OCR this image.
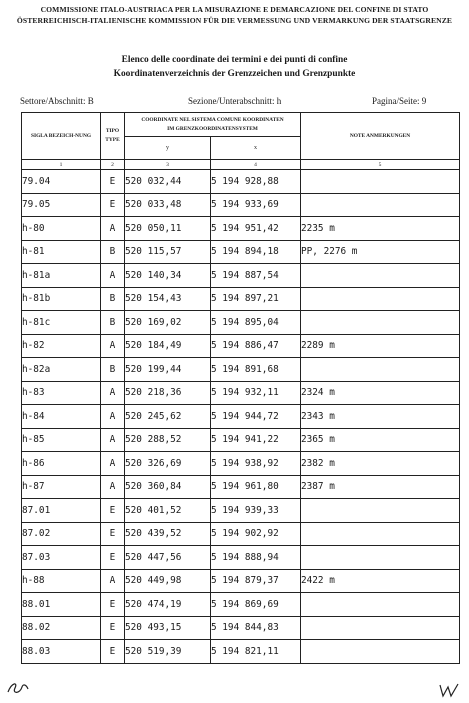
COMMISSIONE ITALO-AUSTRIACA PER LA MISURAZIONE E DEMARCAZIONE DEL CONFINE DI STATO
ÖSTERREICHISCH-ITALIENISCHE KOMMISSION FÜR DIE VERMESSUNG UND VERMARKUNG DER STAATSGRENZE
Elenco delle coordinate dei termini e dei punti di confine
Koordinatenverzeichnis der Grenzzeichen und Grenzpunkte
Settore/Abschnitt: B	Sezione/Unterabschnitt: h	Pagina/Seite: 9
SIGLA BEZEICH-NUNG	TIPO TYPE	COORDINATE NEL SISTEMA COMUNE KOORDINATEN IM GRENZKOORDINATENSYSTEM		NOTE ANMERKUNGEN
		y	x	
1	2	3	4	5
79.04	E	520 032,44	5 194 928,88	
79.05	E	520 033,48	5 194 933,69	
h-80	A	520 050,11	5 194 951,42	2235 m
h-81	B	520 115,57	5 194 894,18	PP, 2276 m
h-81a	A	520 140,34	5 194 887,54	
h-81b	B	520 154,43	5 194 897,21	
h-81c	B	520 169,02	5 194 895,04	
h-82	A	520 184,49	5 194 886,47	2289 m
h-82a	B	520 199,44	5 194 891,68	
h-83	A	520 218,36	5 194 932,11	2324 m
h-84	A	520 245,62	5 194 944,72	2343 m
h-85	A	520 288,52	5 194 941,22	2365 m
h-86	A	520 326,69	5 194 938,92	2382 m
h-87	A	520 360,84	5 194 961,80	2387 m
87.01	E	520 401,52	5 194 939,33	
87.02	E	520 439,52	5 194 902,92	
87.03	E	520 447,56	5 194 888,94	
h-88	A	520 449,98	5 194 879,37	2422 m
88.01	E	520 474,19	5 194 869,69	
88.02	E	520 493,15	5 194 844,83	
88.03	E	520 519,39	5 194 821,11	
